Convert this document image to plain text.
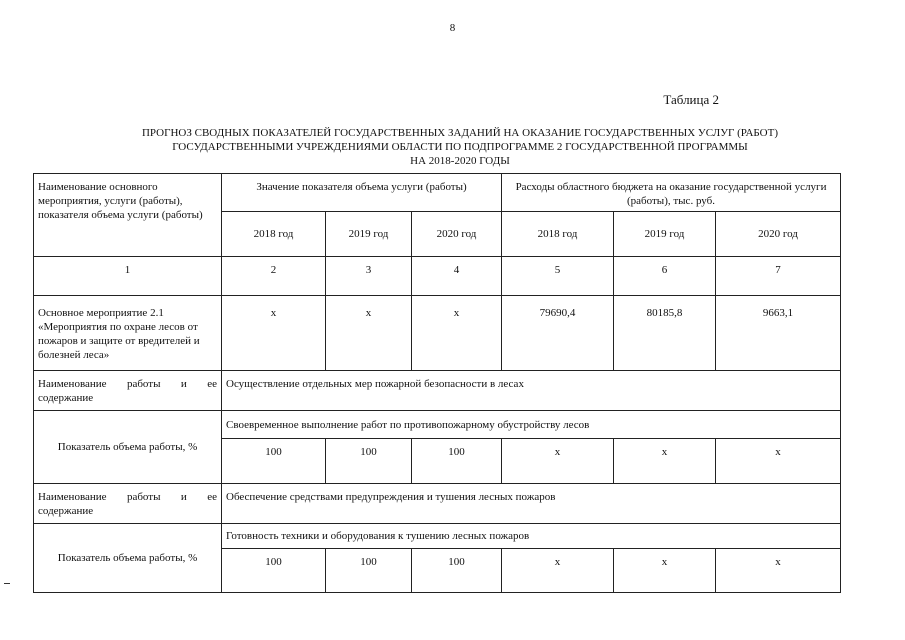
8
Таблица 2
ПРОГНОЗ СВОДНЫХ ПОКАЗАТЕЛЕЙ ГОСУДАРСТВЕННЫХ ЗАДАНИЙ НА ОКАЗАНИЕ ГОСУДАРСТВЕННЫХ УСЛУГ (РАБОТ)
ГОСУДАРСТВЕННЫМИ УЧРЕЖДЕНИЯМИ ОБЛАСТИ ПО ПОДПРОГРАММЕ 2 ГОСУДАРСТВЕННОЙ ПРОГРАММЫ
НА 2018-2020 ГОДЫ
Наименование основного мероприятия, услуги (работы), показателя объема услуги (работы)	Значение показателя объема услуги (работы)			Расходы областного бюджета на оказание государственной услуги (работы), тыс. руб.		
	2018 год	2019 год	2020 год	2018 год	2019 год	2020 год
1	2	3	4	5	6	7
Основное мероприятие 2.1 «Мероприятия по охране лесов от пожаров и защите от вредителей и болезней леса»	x	x	x	79690,4	80185,8	9663,1
Наименование работы и ее содержание	Осуществление отдельных мер пожарной безопасности в лесах					
Показатель объема работы, %	Своевременное выполнение работ по противопожарному обустройству лесов					
	100	100	100	x	x	x
Наименование работы и ее содержание	Обеспечение средствами предупреждения и тушения лесных пожаров					
Показатель объема работы, %	Готовность техники и оборудования к тушению лесных пожаров					
	100	100	100	x	x	x
